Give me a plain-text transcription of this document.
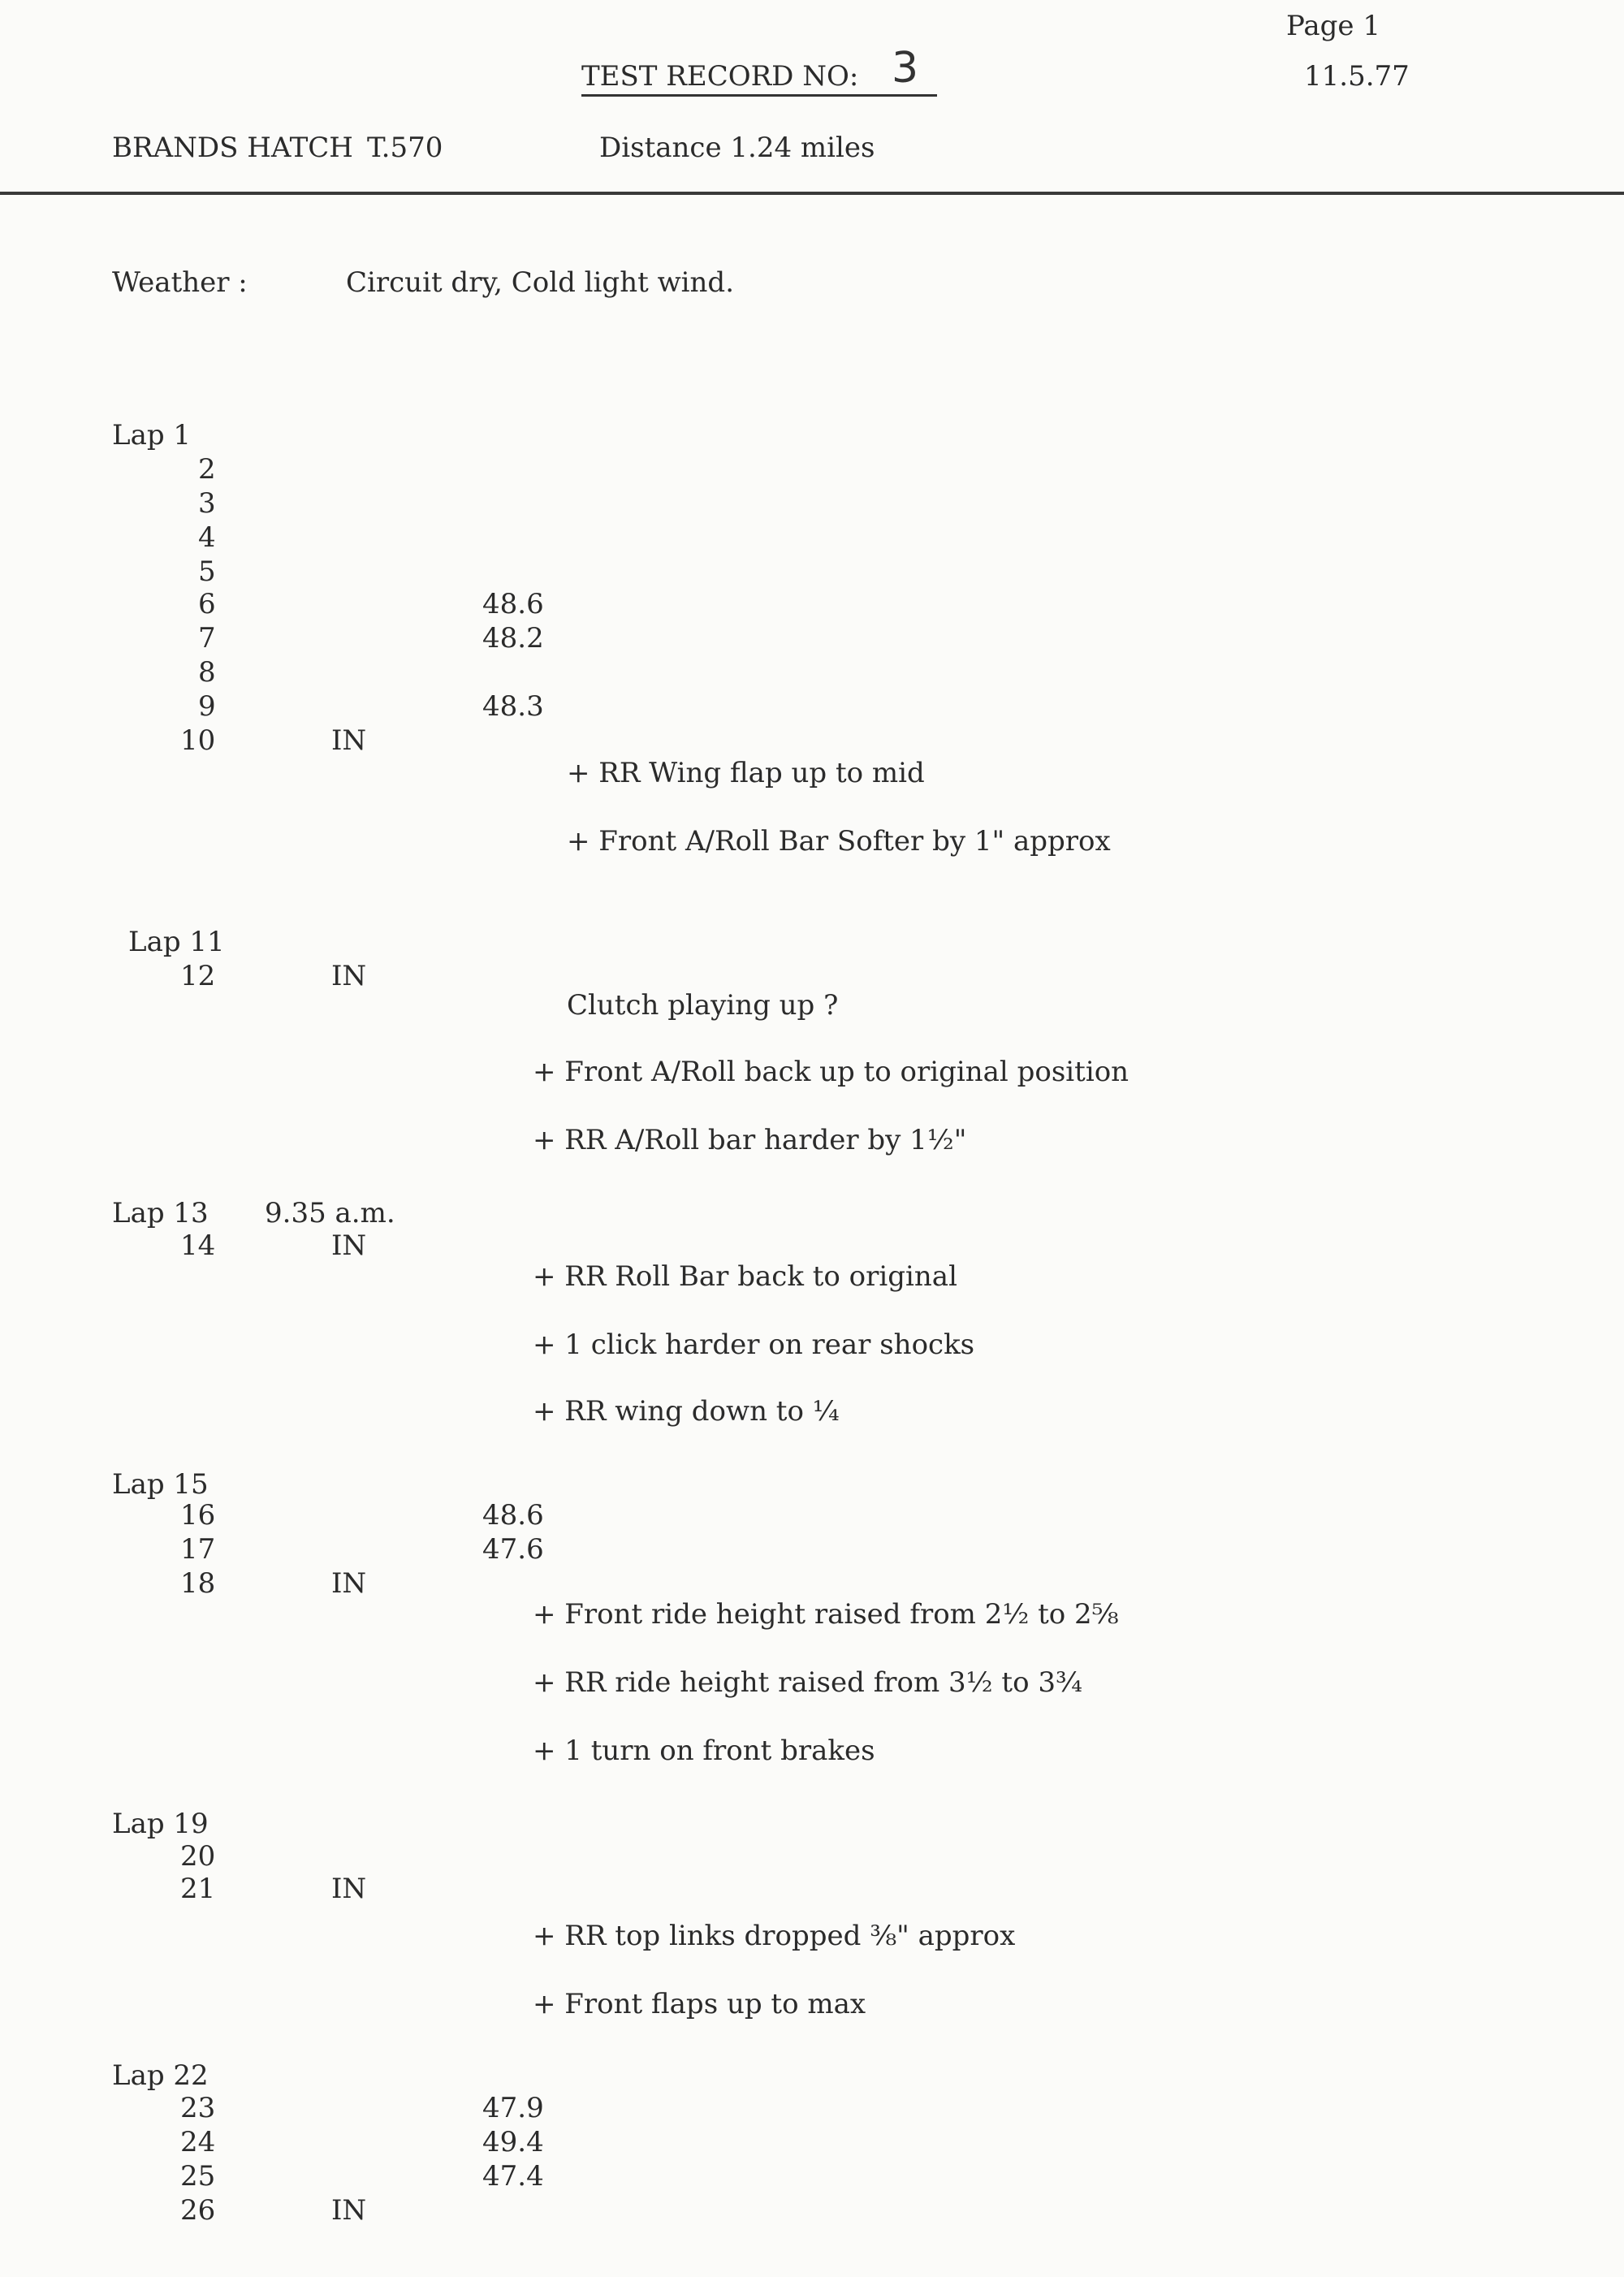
Page 1
11.5.77
TEST RECORD NO: 3
BRANDS HATCH T.570	Distance 1.24 miles
Weather :	Circuit dry, Cold light wind.
Lap 1
2
3
4
5
6	48.6
7	48.2
8
9	48.3
10	IN
+ RR Wing flap up to mid
+ Front A/Roll Bar Softer by 1" approx
Lap 11
12	IN
Clutch playing up ?
+ Front A/Roll back up to original position
+ RR A/Roll bar harder by 1½"
Lap 13 9.35 a.m.
14	IN
+ RR Roll Bar back to original
+ 1 click harder on rear shocks
+ RR wing down to ¼
Lap 15
16	48.6
17	47.6
18	IN
+ Front ride height raised from 2½ to 2⅝
+ RR ride height raised from 3½ to 3¾
+ 1 turn on front brakes
Lap 19
20
21	IN
+ RR top links dropped ⅜" approx
+ Front flaps up to max
Lap 22
23	47.9
24	49.4
25	47.4
26	IN
